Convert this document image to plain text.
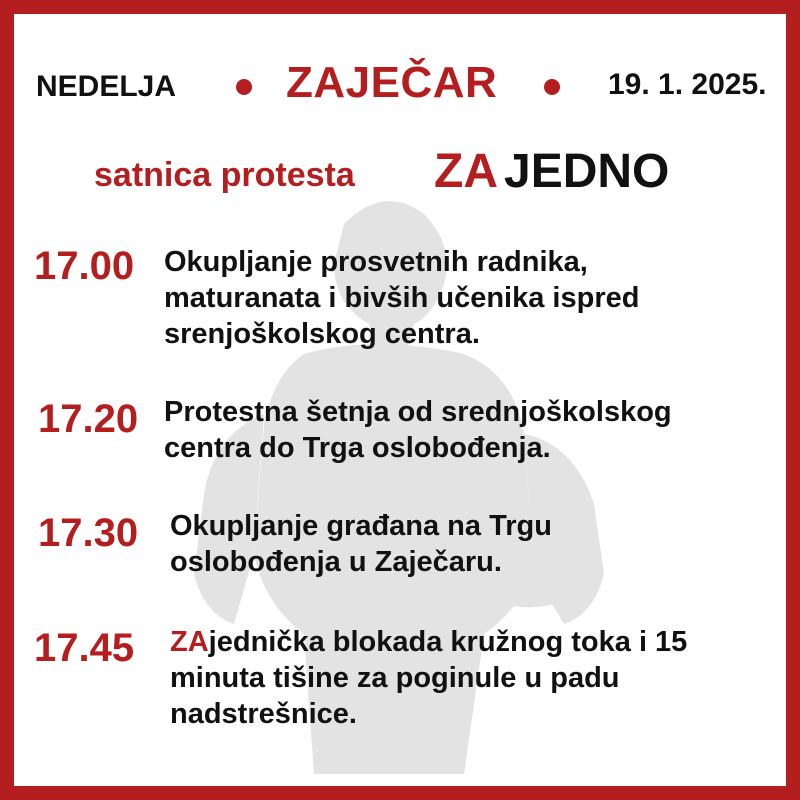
NEDELJA ZAJEČAR	19. 1. 2025.
satnica protesta ZA JEDNO
17.00 Okupljanje prosvetnih radnika,
maturanata i bivših učenika ispred
srenjoškolskog centra.
17.20 Protestna šetnja od srednjoškolskog
centra do Trga oslobođenja.
17.30 Okupljanje građana na Trgu
oslobođenja u Zaječaru.
17.45 ZAjednička blokada kružnog toka i 15
minuta tišine za poginule u padu
nadstrešnice.
